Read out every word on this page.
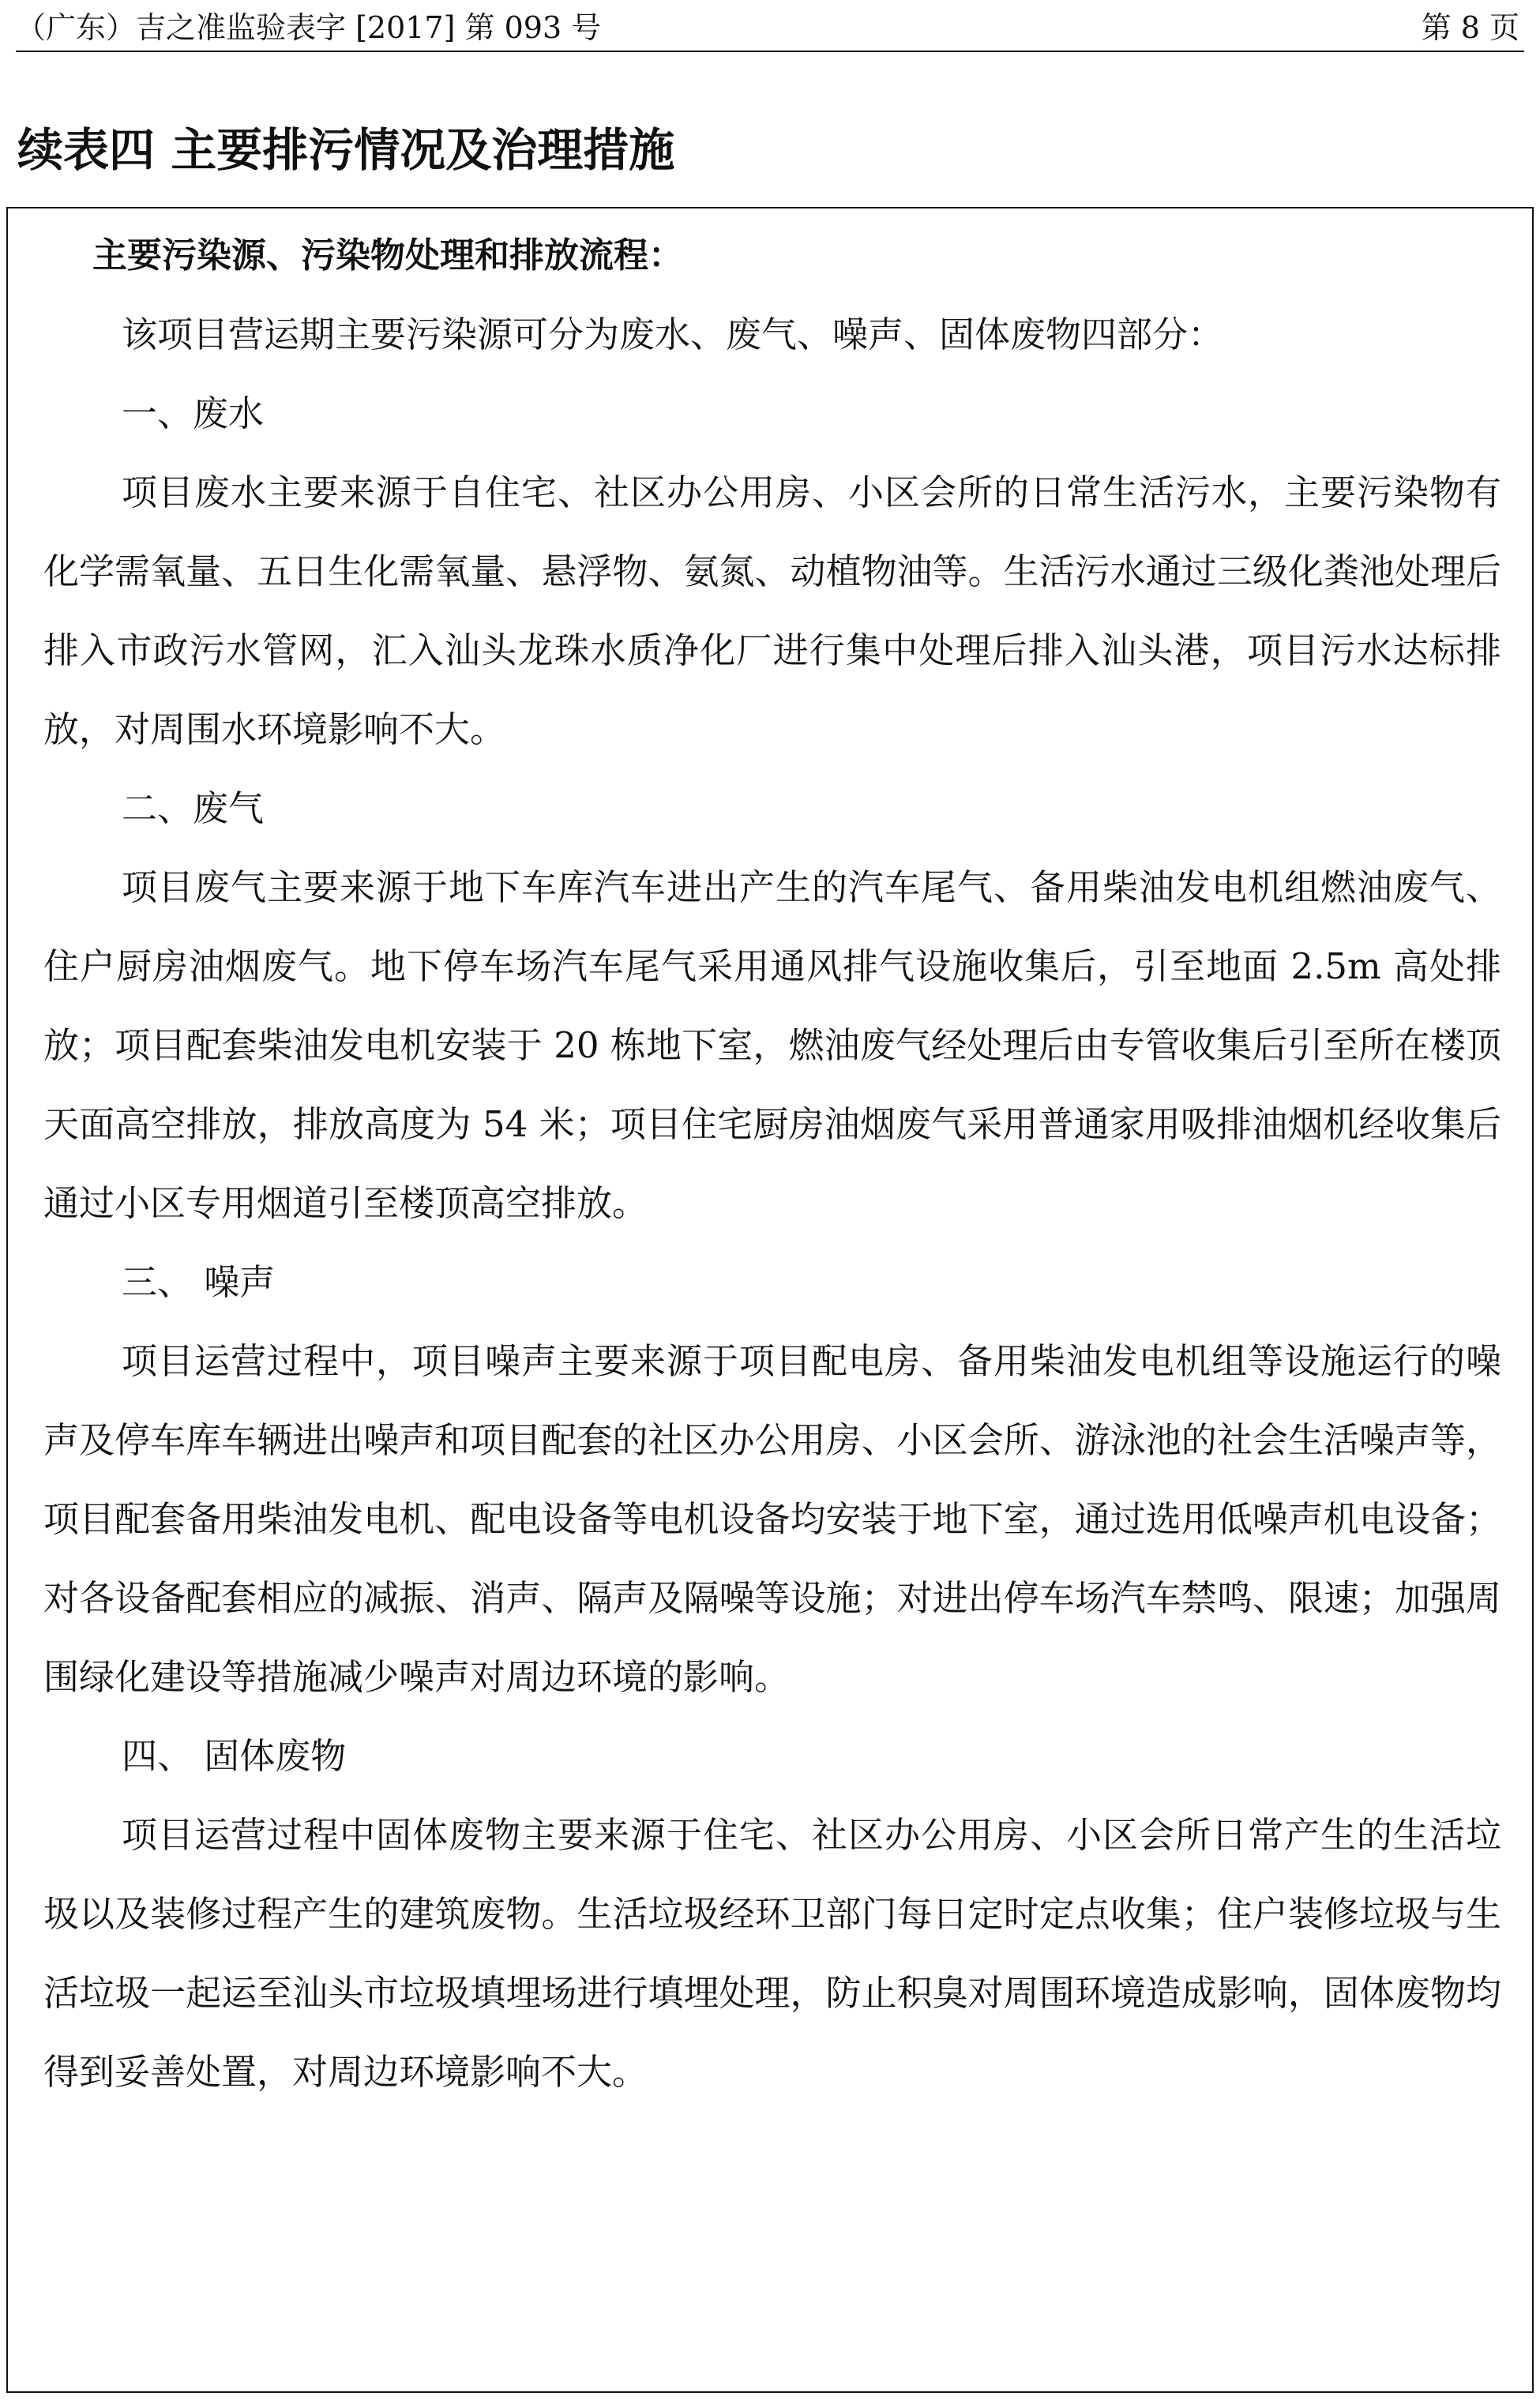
（广东）吉之准监验表字 [2017] 第 093 号	第 8 页
续表四 主要排污情况及治理措施
主要污染源、污染物处理和排放流程：

该项目营运期主要污染源可分为废水、废气、噪声、固体废物四部分：

一、废水

项目废水主要来源于自住宅、社区办公用房、小区会所的日常生活污水，主要污染物有化学需氧量、五日生化需氧量、悬浮物、氨氮、动植物油等。生活污水通过三级化粪池处理后排入市政污水管网，汇入汕头龙珠水质净化厂进行集中处理后排入汕头港，项目污水达标排放，对周围水环境影响不大。

二、废气

项目废气主要来源于地下车库汽车进出产生的汽车尾气、备用柴油发电机组燃油废气、住户厨房油烟废气。地下停车场汽车尾气采用通风排气设施收集后，引至地面 2.5m 高处排放；项目配套柴油发电机安装于 20 栋地下室，燃油废气经处理后由专管收集后引至所在楼顶天面高空排放，排放高度为 54 米；项目住宅厨房油烟废气采用普通家用吸排油烟机经收集后通过小区专用烟道引至楼顶高空排放。

三、 噪声

项目运营过程中，项目噪声主要来源于项目配电房、备用柴油发电机组等设施运行的噪声及停车库车辆进出噪声和项目配套的社区办公用房、小区会所、游泳池的社会生活噪声等，项目配套备用柴油发电机、配电设备等电机设备均安装于地下室，通过选用低噪声机电设备；对各设备配套相应的减振、消声、隔声及隔噪等设施；对进出停车场汽车禁鸣、限速；加强周围绿化建设等措施减少噪声对周边环境的影响。

四、 固体废物

项目运营过程中固体废物主要来源于住宅、社区办公用房、小区会所日常产生的生活垃圾以及装修过程产生的建筑废物。生活垃圾经环卫部门每日定时定点收集；住户装修垃圾与生活垃圾一起运至汕头市垃圾填埋场进行填埋处理，防止积臭对周围环境造成影响，固体废物均得到妥善处置，对周边环境影响不大。
